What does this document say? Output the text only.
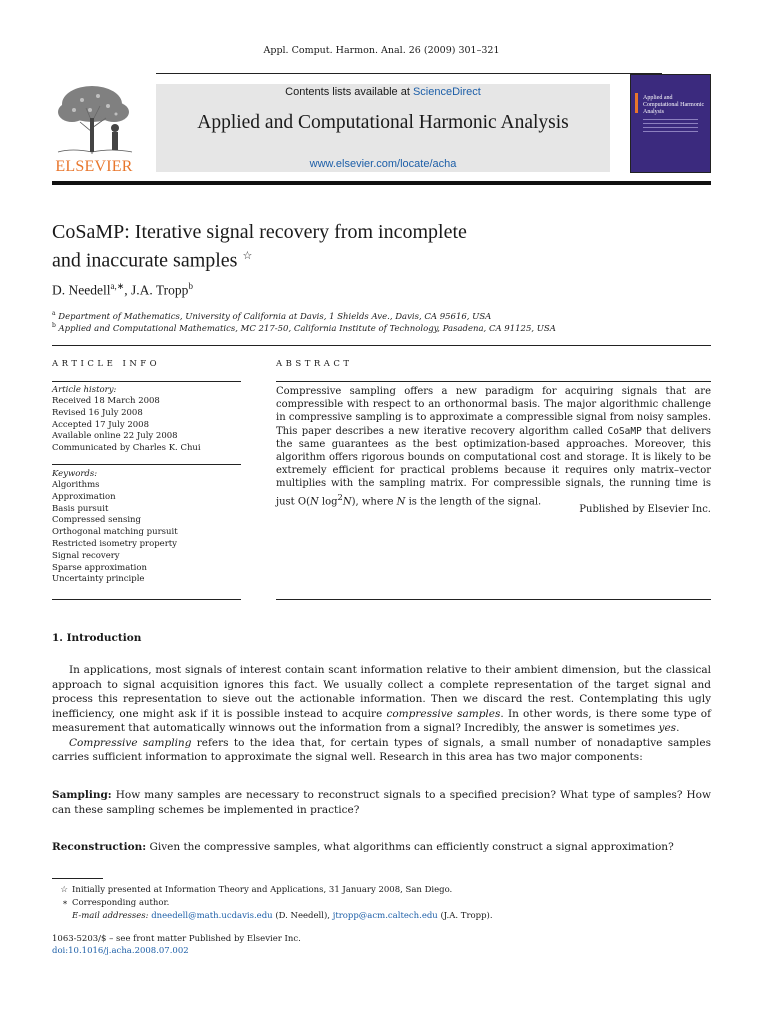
Appl. Comput. Harmon. Anal. 26 (2009) 301–321
ELSEVIER
Contents lists available at ScienceDirect
Applied and Computational Harmonic Analysis
www.elsevier.com/locate/acha
Applied and Computational Harmonic Analysis
CoSaMP: Iterative signal recovery from incomplete
and inaccurate samples ☆
D. Needell$^{a,∗}$, J.A. Tropp$^b$
$^a$ Department of Mathematics, University of California at Davis, 1 Shields Ave., Davis, CA 95616, USA
$^b$ Applied and Computational Mathematics, MC 217-50, California Institute of Technology, Pasadena, CA 91125, USA
ARTICLE INFO	ABSTRACT
Article history:
Received 18 March 2008
Revised 16 July 2008
Accepted 17 July 2008
Available online 22 July 2008
Communicated by Charles K. Chui
Keywords:
Algorithms
Approximation
Basis pursuit
Compressed sensing
Orthogonal matching pursuit
Restricted isometry property
Signal recovery
Sparse approximation
Uncertainty principle
Compressive sampling offers a new paradigm for acquiring signals that are compressible with respect to an orthonormal basis. The major algorithmic challenge in compressive sampling is to approximate a compressible signal from noisy samples. This paper describes a new iterative recovery algorithm called CoSaMP that delivers the same guarantees as the best optimization-based approaches. Moreover, this algorithm offers rigorous bounds on computational cost and storage. It is likely to be extremely efficient for practical problems because it requires only matrix–vector multiplies with the sampling matrix. For compressible signals, the running time is just O(N $\log^2N$), where N is the length of the signal.
Published by Elsevier Inc.
1. Introduction
In applications, most signals of interest contain scant information relative to their ambient dimension, but the classical approach to signal acquisition ignores this fact. We usually collect a complete representation of the target signal and process this representation to sieve out the actionable information. Then we discard the rest. Contemplating this ugly inefficiency, one might ask if it is possible instead to acquire compressive samples. In other words, is there some type of measurement that automatically winnows out the information from a signal? Incredibly, the answer is sometimes yes.
Compressive sampling refers to the idea that, for certain types of signals, a small number of nonadaptive samples carries sufficient information to approximate the signal well. Research in this area has two major components:
Sampling: How many samples are necessary to reconstruct signals to a specified precision? What type of samples? How can these sampling schemes be implemented in practice?
Reconstruction: Given the compressive samples, what algorithms can efficiently construct a signal approximation?
☆ Initially presented at Information Theory and Applications, 31 January 2008, San Diego.
∗ Corresponding author.
E-mail addresses: dneedell@math.ucdavis.edu (D. Needell), jtropp@acm.caltech.edu (J.A. Tropp).
1063-5203/$ – see front matter Published by Elsevier Inc.
doi:10.1016/j.acha.2008.07.002
